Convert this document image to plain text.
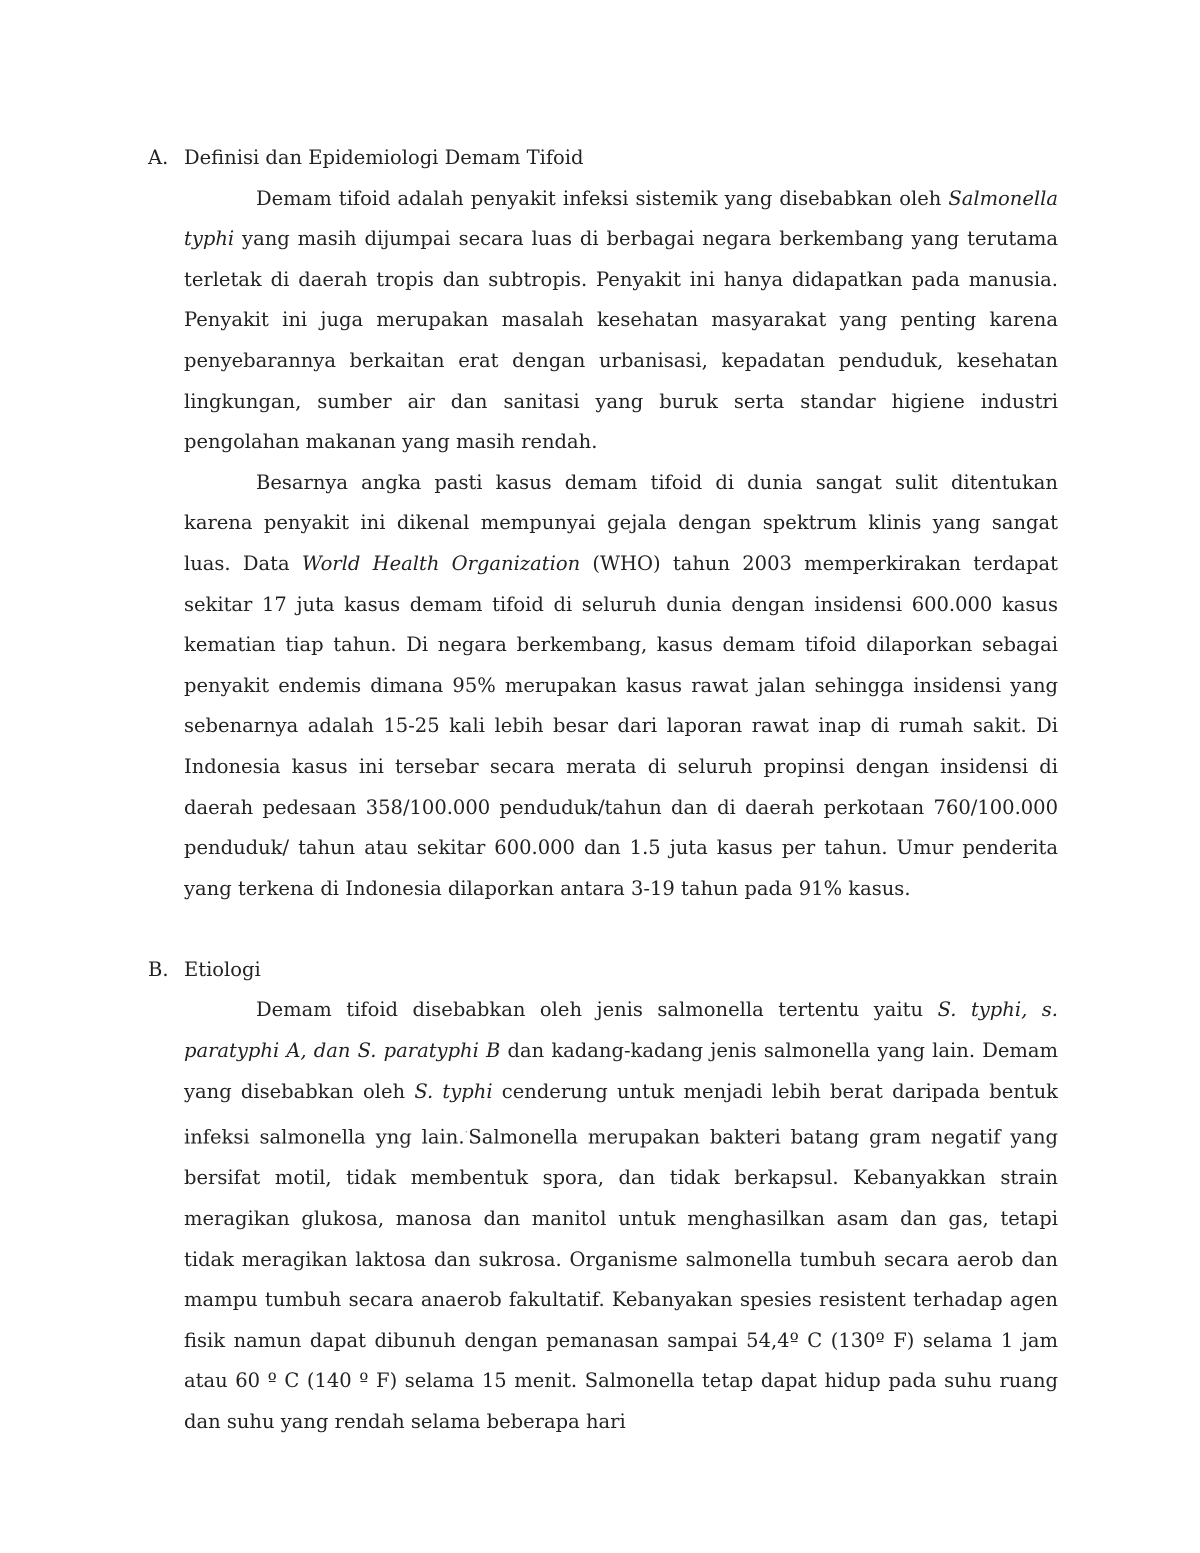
A. Definisi dan Epidemiologi Demam Tifoid

Demam tifoid adalah penyakit infeksi sistemik yang disebabkan oleh Salmonella typhi yang masih dijumpai secara luas di berbagai negara berkembang yang terutama terletak di daerah tropis dan subtropis. Penyakit ini hanya didapatkan pada manusia. Penyakit ini juga merupakan masalah kesehatan masyarakat yang penting karena penyebarannya berkaitan erat dengan urbanisasi, kepadatan penduduk, kesehatan lingkungan, sumber air dan sanitasi yang buruk serta standar higiene industri pengolahan makanan yang masih rendah.

Besarnya angka pasti kasus demam tifoid di dunia sangat sulit ditentukan karena penyakit ini dikenal mempunyai gejala dengan spektrum klinis yang sangat luas. Data World Health Organization (WHO) tahun 2003 memperkirakan terdapat sekitar 17 juta kasus demam tifoid di seluruh dunia dengan insidensi 600.000 kasus kematian tiap tahun. Di negara berkembang, kasus demam tifoid dilaporkan sebagai penyakit endemis dimana 95% merupakan kasus rawat jalan sehingga insidensi yang sebenarnya adalah 15-25 kali lebih besar dari laporan rawat inap di rumah sakit. Di Indonesia kasus ini tersebar secara merata di seluruh propinsi dengan insidensi di daerah pedesaan 358/100.000 penduduk/tahun dan di daerah perkotaan 760/100.000 penduduk/ tahun atau sekitar 600.000 dan 1.5 juta kasus per tahun. Umur penderita yang terkena di Indonesia dilaporkan antara 3-19 tahun pada 91% kasus.

B. Etiologi

Demam tifoid disebabkan oleh jenis salmonella tertentu yaitu S. typhi, s. paratyphi A, dan S. paratyphi B dan kadang-kadang jenis salmonella yang lain. Demam yang disebabkan oleh S. typhi cenderung untuk menjadi lebih berat daripada bentuk infeksi salmonella yng lain.·Salmonella merupakan bakteri batang gram negatif yang bersifat motil, tidak membentuk spora, dan tidak berkapsul. Kebanyakkan strain meragikan glukosa, manosa dan manitol untuk menghasilkan asam dan gas, tetapi tidak meragikan laktosa dan sukrosa. Organisme salmonella tumbuh secara aerob dan mampu tumbuh secara anaerob fakultatif. Kebanyakan spesies resistent terhadap agen fisik namun dapat dibunuh dengan pemanasan sampai 54,4º C (130º F) selama 1 jam atau 60 º C (140 º F) selama 15 menit. Salmonella tetap dapat hidup pada suhu ruang dan suhu yang rendah selama beberapa hari
